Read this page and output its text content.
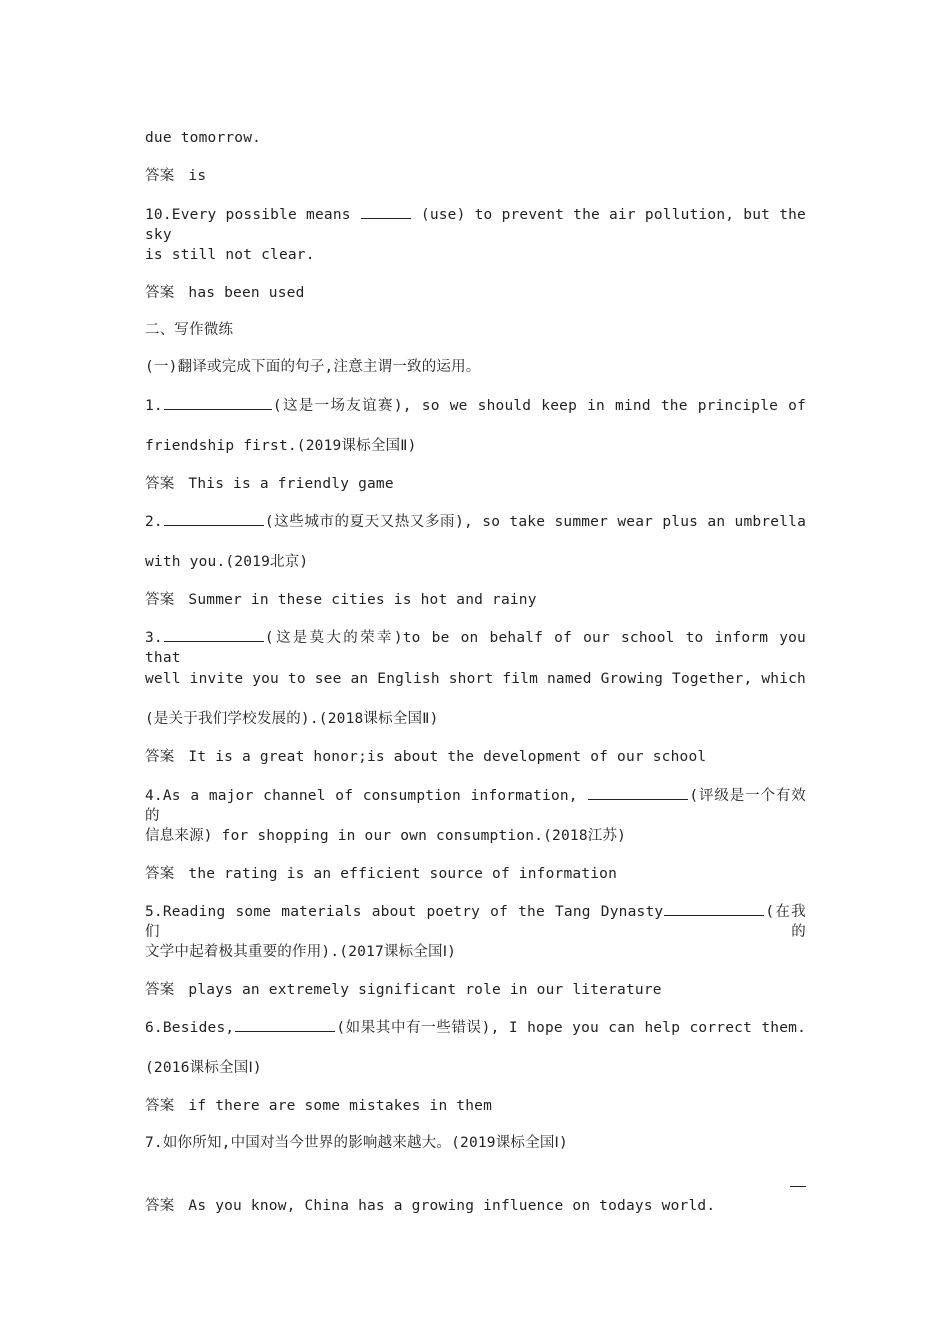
due tomorrow.
答案 is
10.Every possible means	(use) to prevent the air pollution, but the sky
is still not clear.
答案 has been used
二、写作微练
(一)翻译或完成下面的句子,注意主谓一致的运用。
1.	(这是一场友谊赛), so we should keep in mind the principle of
friendship first.(2019课标全国Ⅱ)
答案 This is a friendly game
2.	(这些城市的夏天又热又多雨), so take summer wear plus an umbrella
with you.(2019北京)
答案 Summer in these cities is hot and rainy
3.	(这是莫大的荣幸)to be on behalf of our school to inform you that
well invite you to see an English short film named Growing Together, which
(是关于我们学校发展的).(2018课标全国Ⅱ)
答案 It is a great honor;is about the development of our school
4.As a major channel of consumption information,	(评级是一个有效的
信息来源) for shopping in our own consumption.(2018江苏)
答案 the rating is an efficient source of information
5.Reading some materials about poetry of the Tang Dynasty	(在我们的
文学中起着极其重要的作用).(2017课标全国Ⅰ)
答案 plays an extremely significant role in our literature
6.Besides,	(如果其中有一些错误), I hope you can help correct them.
(2016课标全国Ⅰ)
答案 if there are some mistakes in them
7.如你所知,中国对当今世界的影响越来越大。(2019课标全国Ⅰ)
答案 As you know, China has a growing influence on todays world.
